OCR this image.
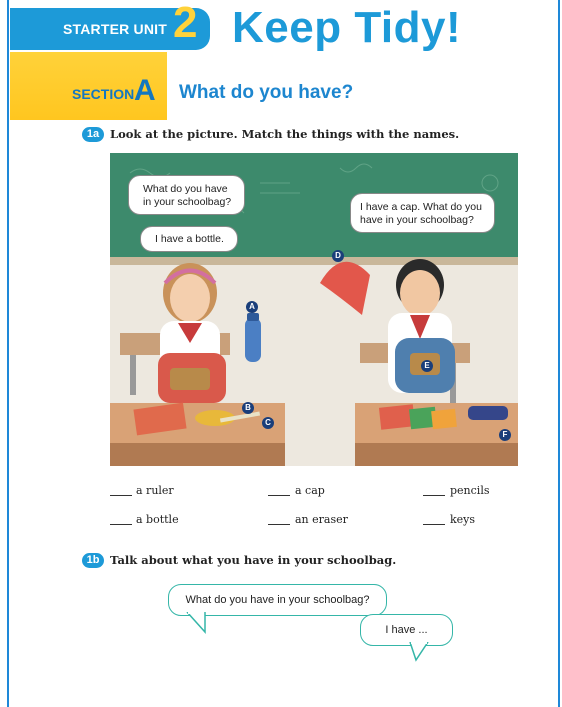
STARTER UNIT 2 Keep Tidy!
SECTION A What do you have?
1a Look at the picture. Match the things with the names.
What do you have
in your schoolbag?
I have a bottle.
I have a cap. What do you
have in your schoolbag?
A
B
C
D
E
F
a ruler	a cap	pencils
a bottle	an eraser	keys
1b Talk about what you have in your schoolbag.
What do you have in your schoolbag?
I have ...
